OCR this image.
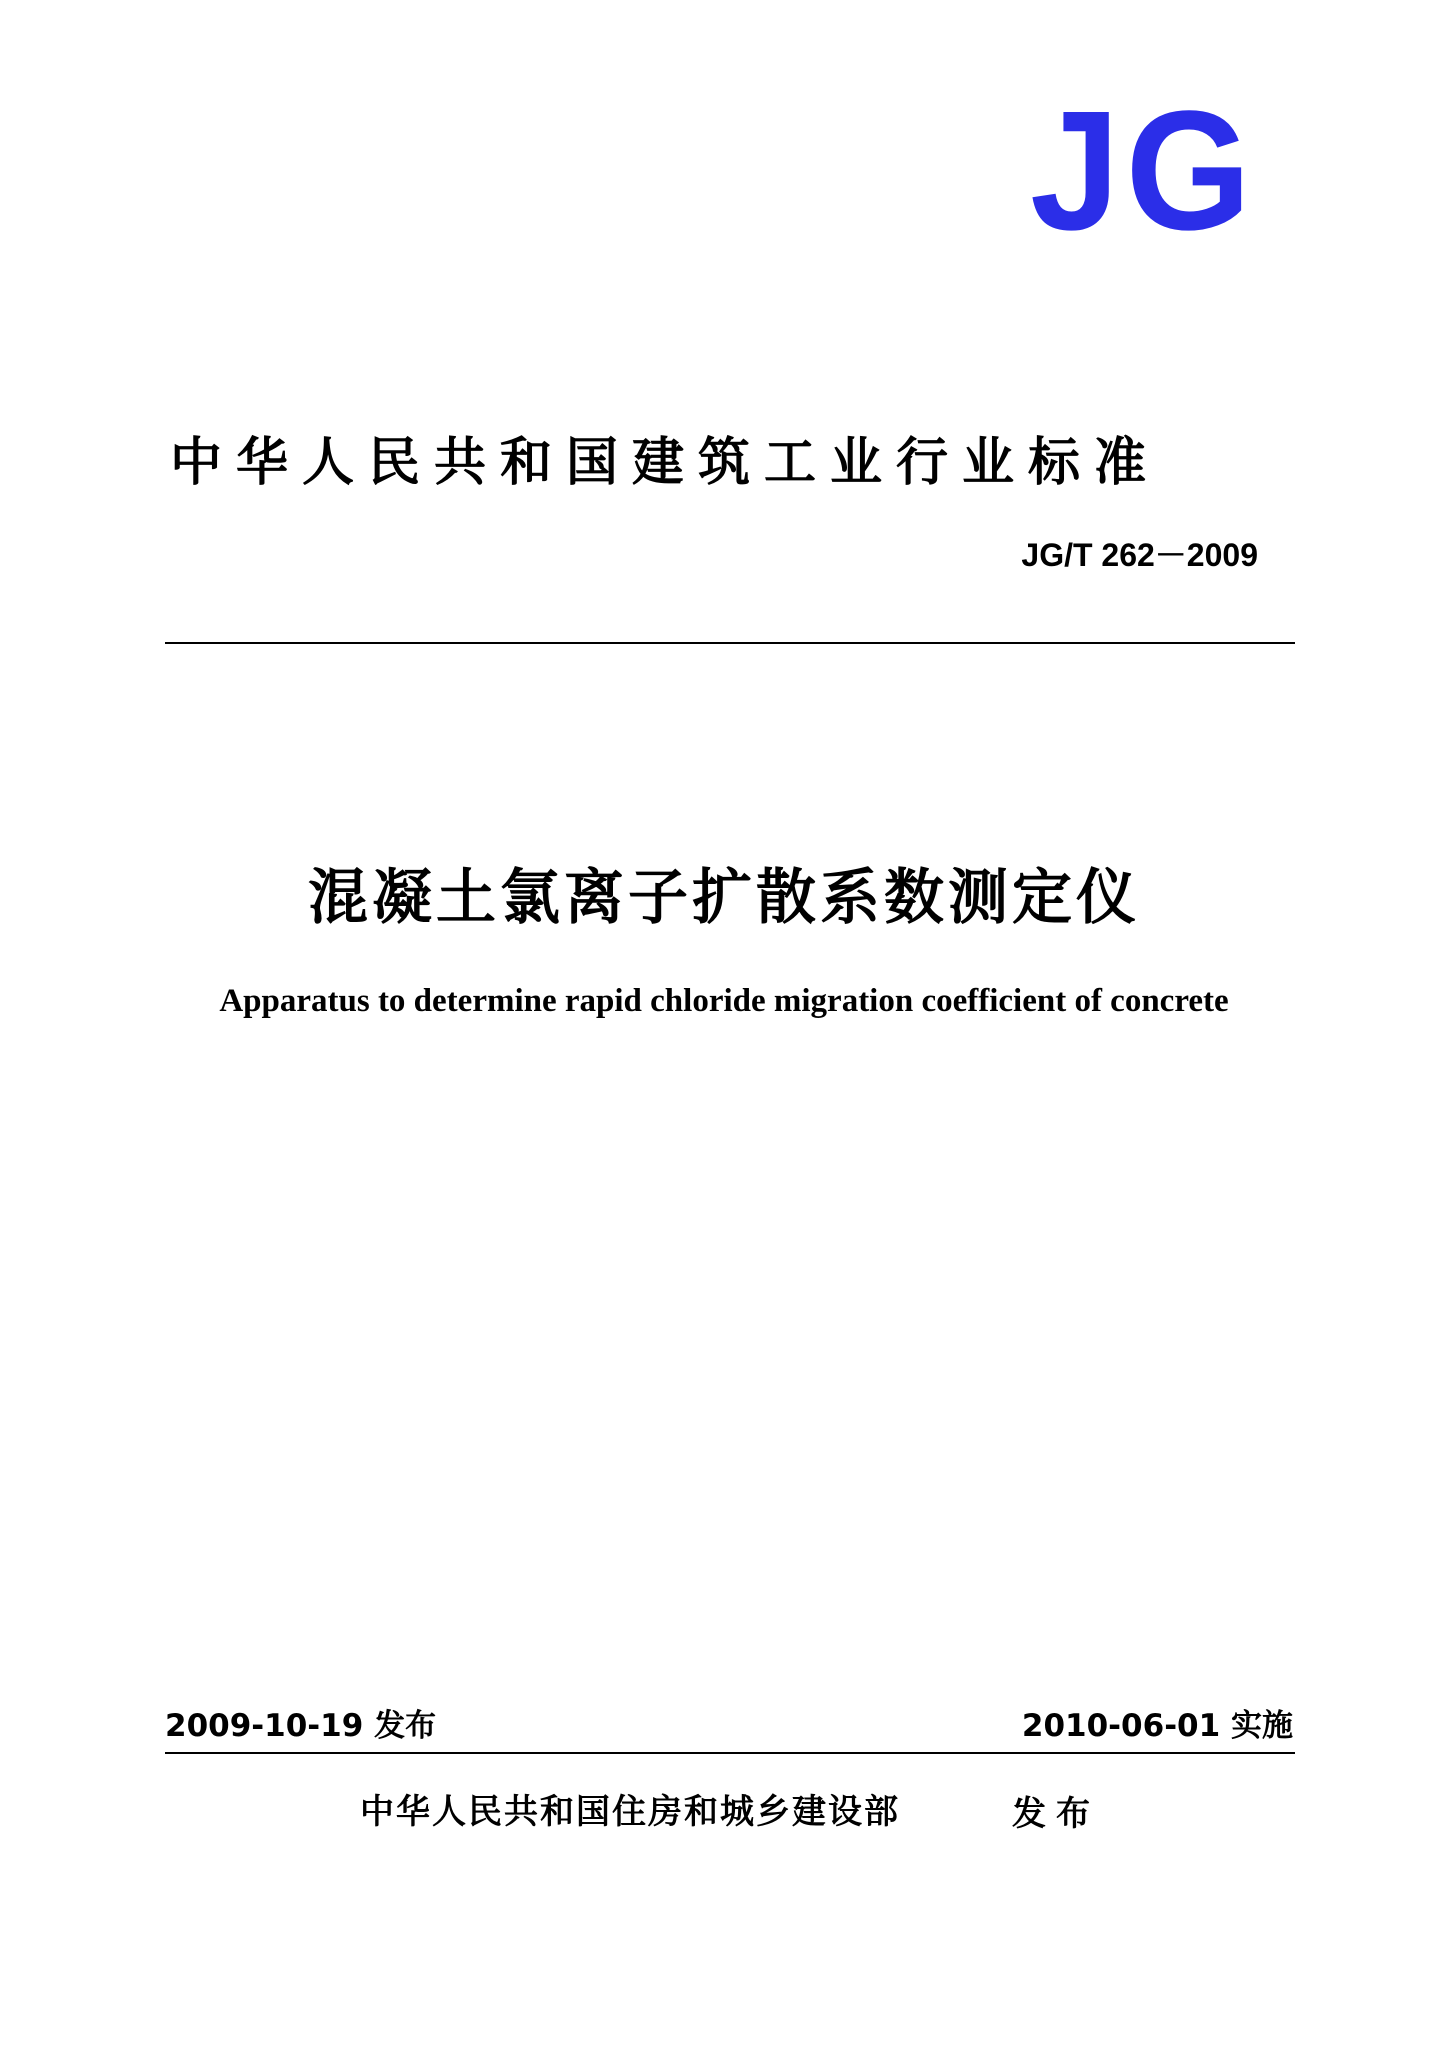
JG
中华人民共和国建筑工业行业标准
JG/T 262－2009
混凝土氯离子扩散系数测定仪
Apparatus to determine rapid chloride migration coefficient of concrete
2009-10-19 发布	2010-06-01 实施
中华人民共和国住房和城乡建设部	发布
